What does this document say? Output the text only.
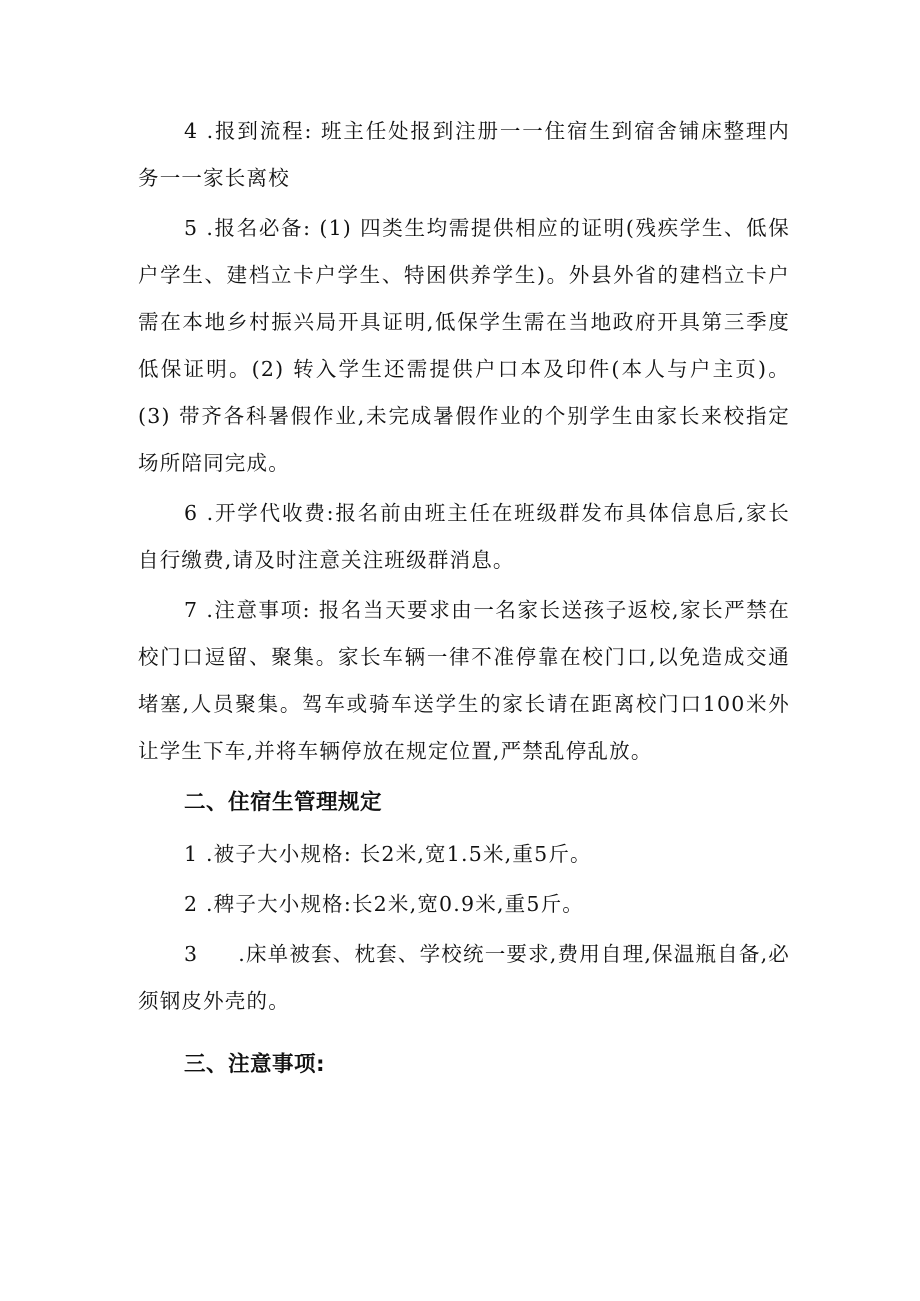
4 .报到流程: 班主任处报到注册一一住宿生到宿舍铺床整理内务一一家长离校

5 .报名必备: (1) 四类生均需提供相应的证明(残疾学生、低保户学生、建档立卡户学生、特困供养学生)。外县外省的建档立卡户需在本地乡村振兴局开具证明,低保学生需在当地政府开具第三季度低保证明。(2) 转入学生还需提供户口本及印件(本人与户主页)。(3) 带齐各科暑假作业,未完成暑假作业的个别学生由家长来校指定场所陪同完成。

6 .开学代收费:报名前由班主任在班级群发布具体信息后,家长自行缴费,请及时注意关注班级群消息。

7 .注意事项: 报名当天要求由一名家长送孩子返校,家长严禁在校门口逗留、聚集。家长车辆一律不准停靠在校门口,以免造成交通堵塞,人员聚集。驾车或骑车送学生的家长请在距离校门口100米外让学生下车,并将车辆停放在规定位置,严禁乱停乱放。

二、住宿生管理规定

1 .被子大小规格: 长2米,宽1.5米,重5斤。

2 .稗子大小规格:长2米,宽0.9米,重5斤。

3 .床单被套、枕套、学校统一要求,费用自理,保温瓶自备,必须钢皮外壳的。

三、注意事项:
